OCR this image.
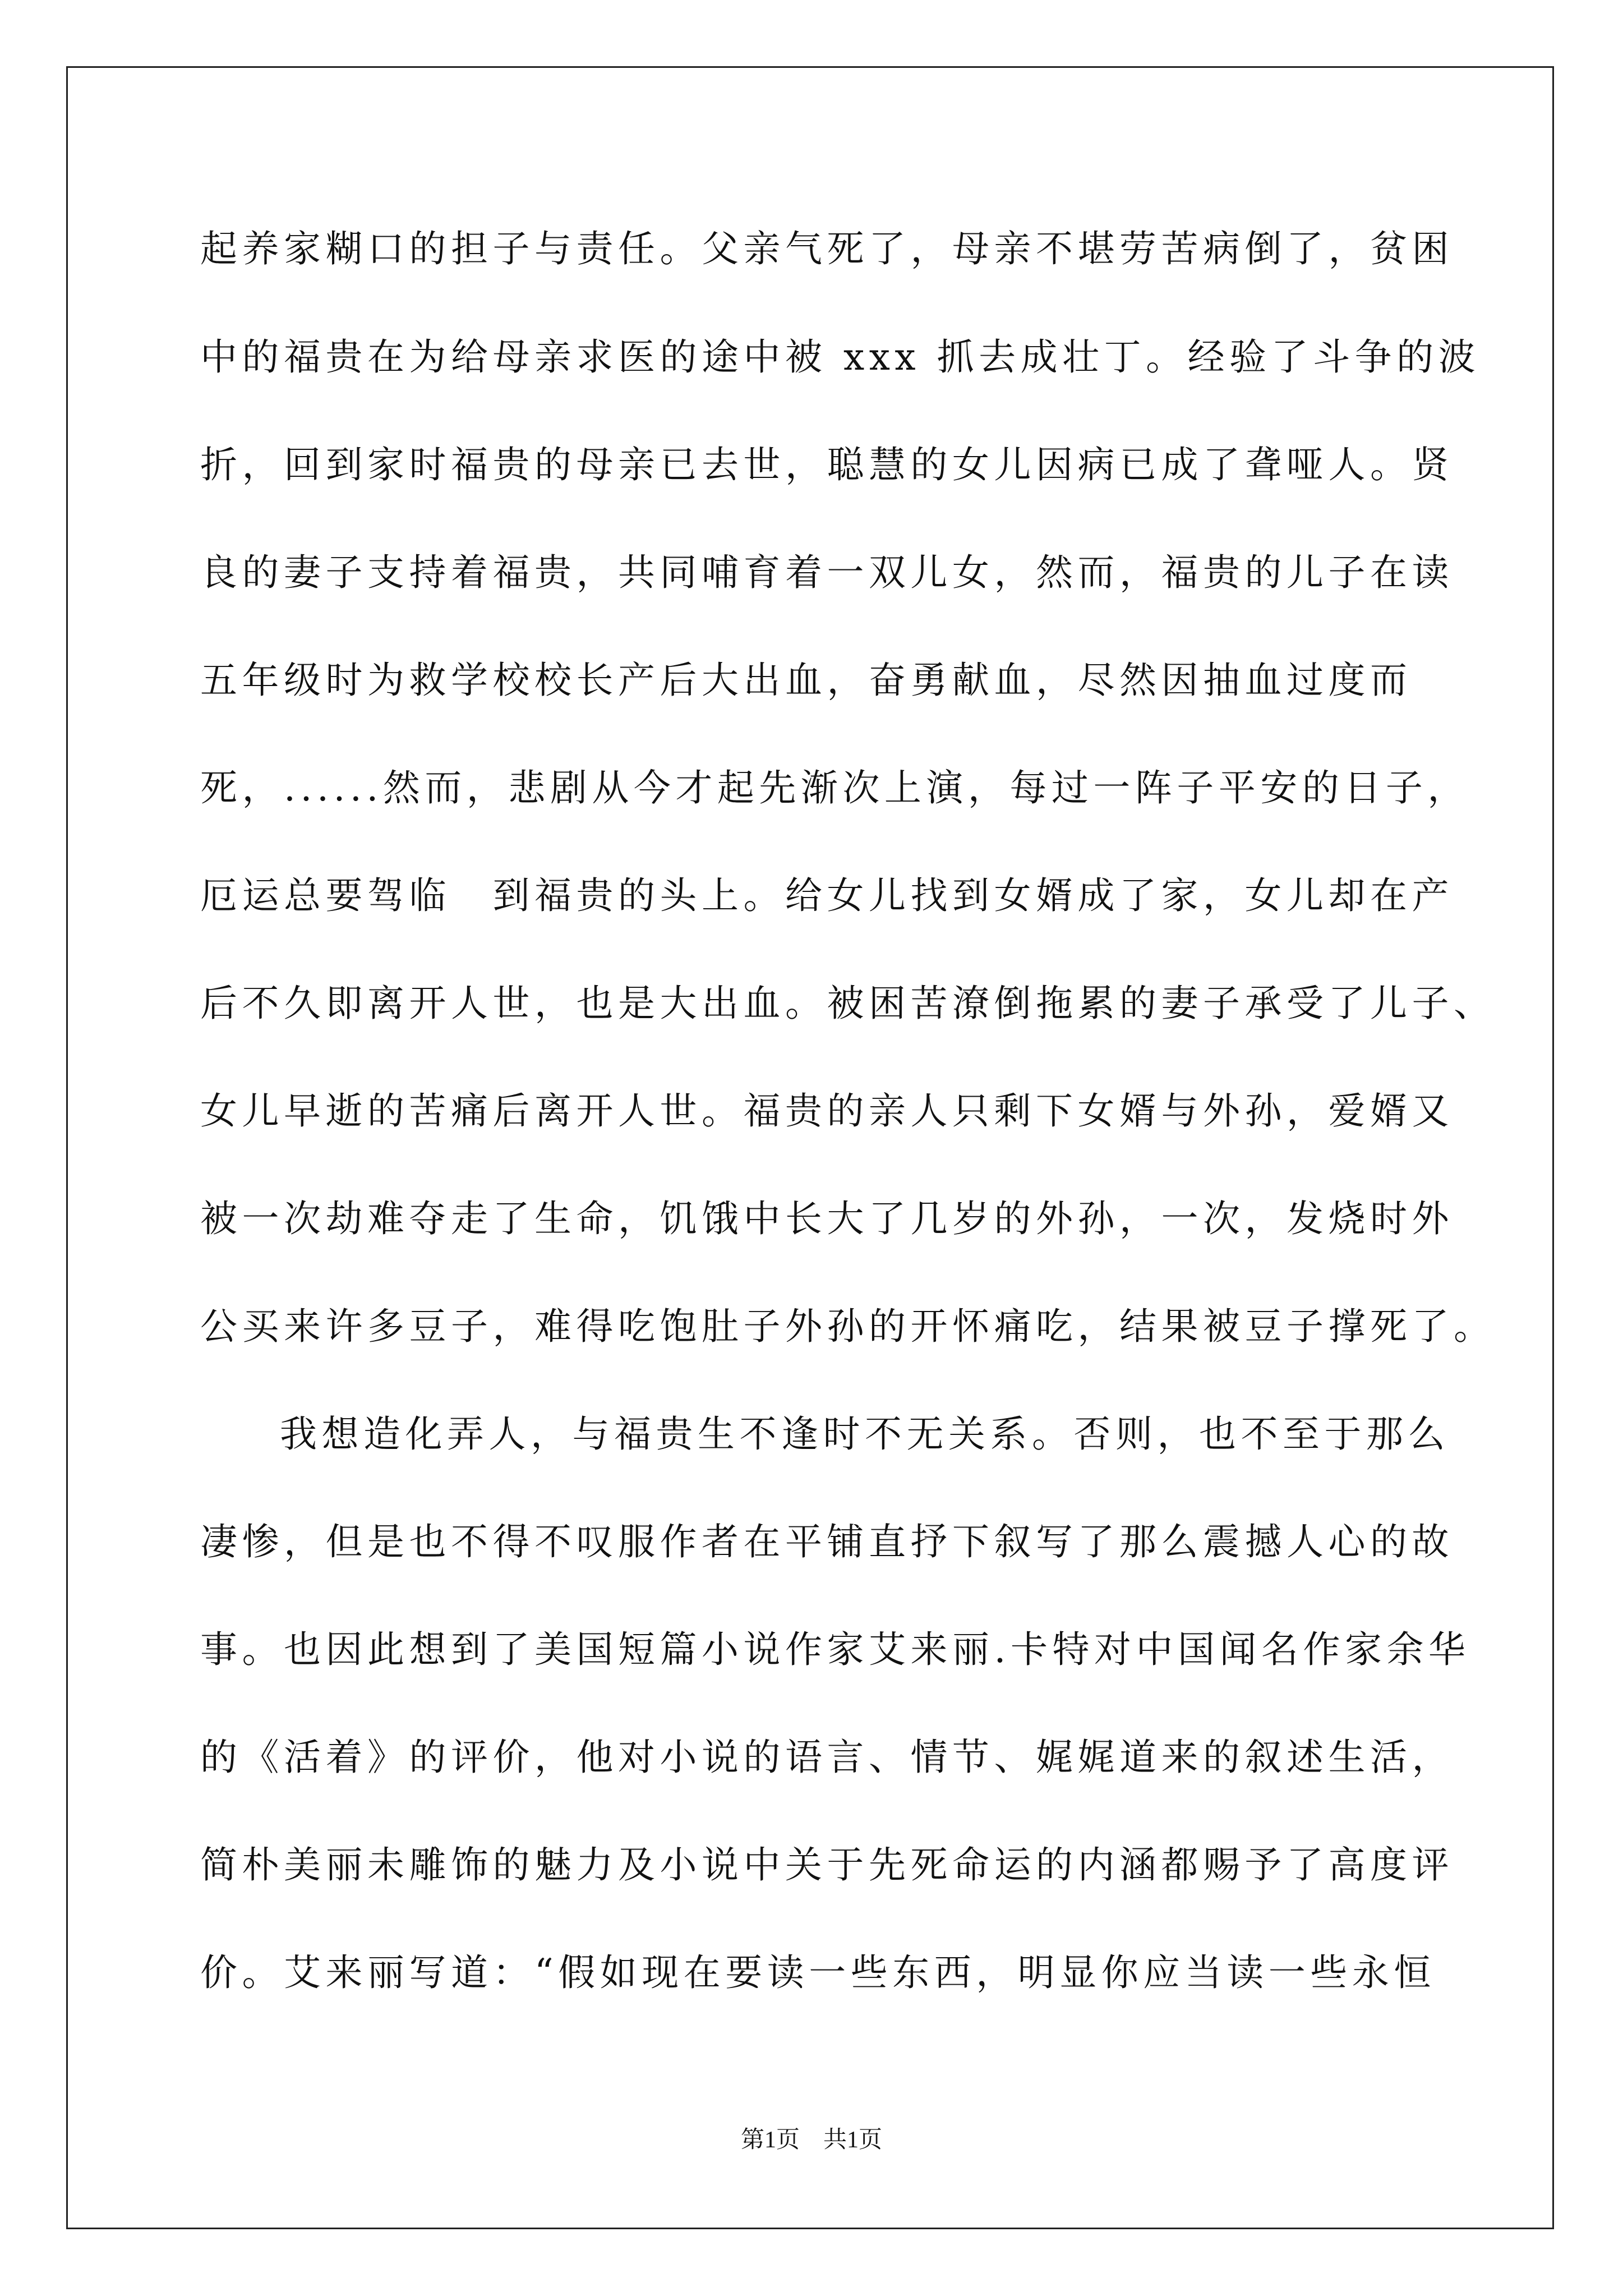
起养家糊口的担子与责任。父亲气死了，母亲不堪劳苦病倒了，贫困
中的福贵在为给母亲求医的途中被 xxx 抓去成壮丁。经验了斗争的波
折，回到家时福贵的母亲已去世，聪慧的女儿因病已成了聋哑人。贤
良的妻子支持着福贵，共同哺育着一双儿女，然而，福贵的儿子在读
五年级时为救学校校长产后大出血，奋勇献血，尽然因抽血过度而
死，......然而，悲剧从今才起先渐次上演，每过一阵子平安的日子，
厄运总要驾临　到福贵的头上。给女儿找到女婿成了家，女儿却在产
后不久即离开人世，也是大出血。被困苦潦倒拖累的妻子承受了儿子、
女儿早逝的苦痛后离开人世。福贵的亲人只剩下女婿与外孙，爱婿又
被一次劫难夺走了生命，饥饿中长大了几岁的外孙，一次，发烧时外
公买来许多豆子，难得吃饱肚子外孙的开怀痛吃，结果被豆子撑死了。
我想造化弄人，与福贵生不逢时不无关系。否则，也不至于那么
凄惨，但是也不得不叹服作者在平铺直抒下叙写了那么震撼人心的故
事。也因此想到了美国短篇小说作家艾来丽.卡特对中国闻名作家余华
的《活着》的评价，他对小说的语言、情节、娓娓道来的叙述生活，
简朴美丽未雕饰的魅力及小说中关于先死命运的内涵都赐予了高度评
价。艾来丽写道：“假如现在要读一些东西，明显你应当读一些永恒
第1页　共1页
